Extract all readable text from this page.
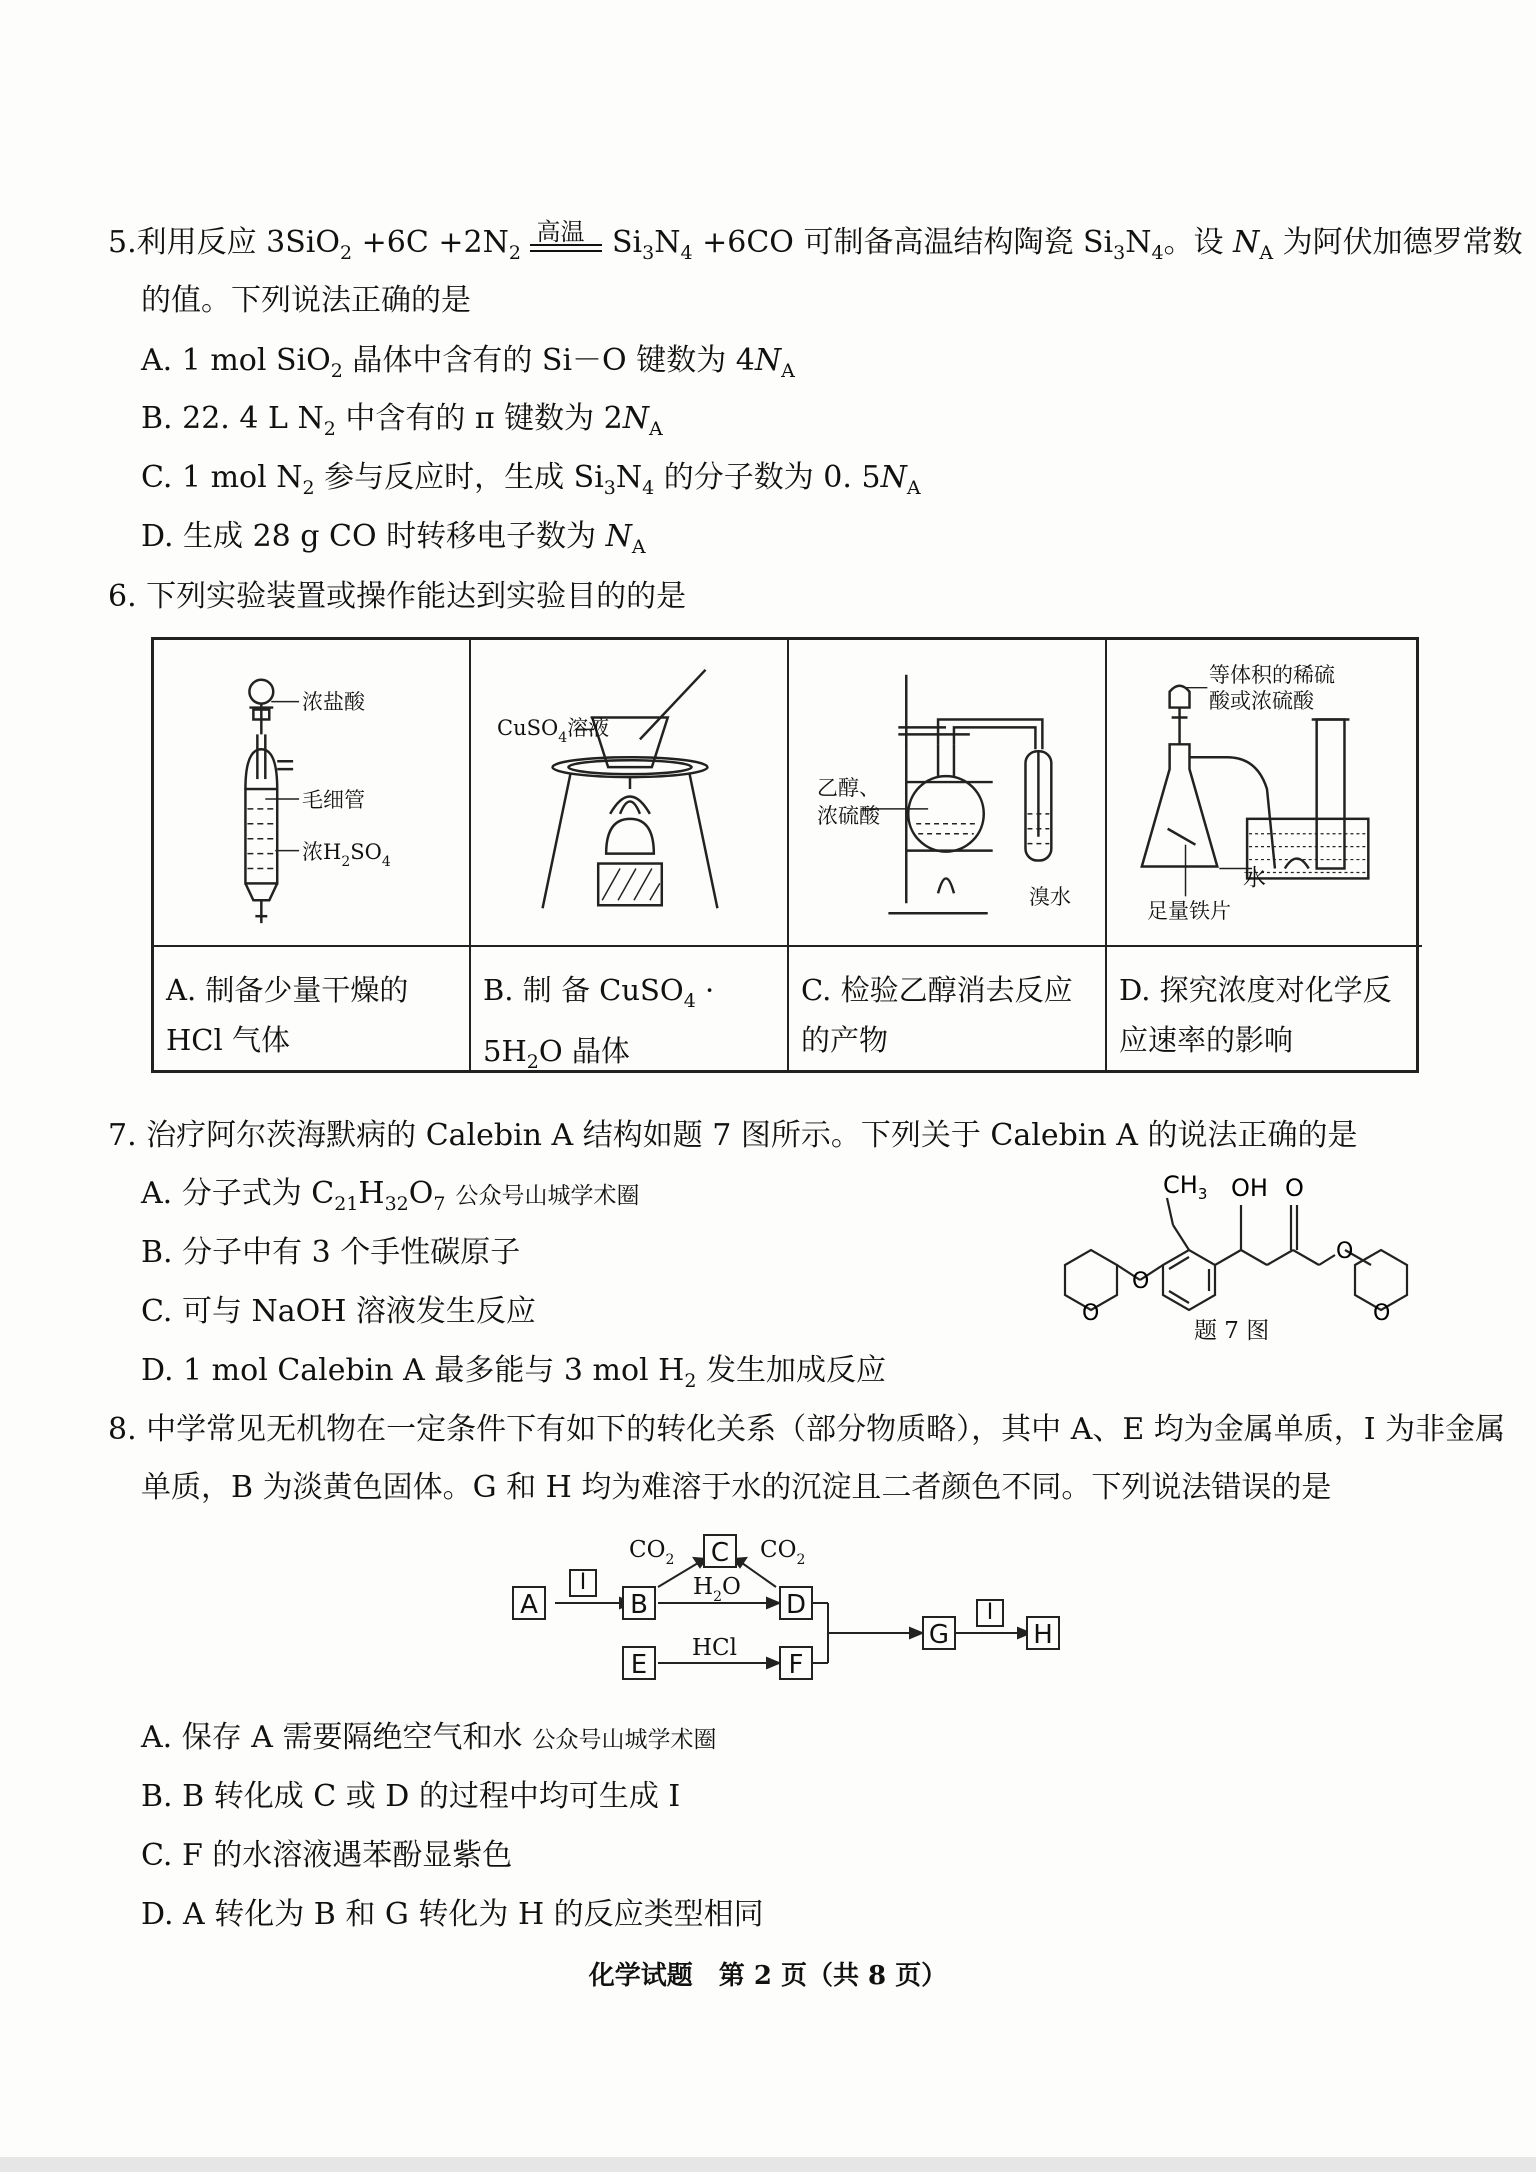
5.利用反应 $3SiO_2 +6C +2N_2$
高温 $Si_3N_4 +6CO$ 可制备高温结构陶瓷 $Si_3N_4$。设 $N_A$ 为阿伏加德罗常数
的值。下列说法正确的是
A. 1 mol SiO$_2$ 晶体中含有的 Si－O 键数为 $4N_A$
B. 22. 4 L $N_2$ 中含有的 π 键数为 $2N_A$
C. 1 mol $N_2$ 参与反应时，生成 $Si_3N_4$ 的分子数为 0. $5N_A$
D. 生成 28 g CO 时转移电子数为 $N_A$
6. 下列实验装置或操作能达到实验目的的是
浓盐酸
毛细管
浓$H_2SO_4$
CuSO$_4$溶液
乙醇、
浓硫酸
溴水
等体积的稀硫
酸或浓硫酸
水
足量铁片
A. 制备少量干燥的 HCl 气体
B. 制 备 CuSO$_4$ · $5H_2O$ 晶体
C. 检验乙醇消去反应的产物
D. 探究浓度对化学反应速率的影响
7. 治疗阿尔茨海默病的 Calebin A 结构如题 7 图所示。下列关于 Calebin A 的说法正确的是
A. 分子式为 $C_{21}H_{32}O_7$ 公众号山城学术圈
B. 分子中有 3 个手性碳原子
C. 可与 NaOH 溶液发生反应
D. 1 mol Calebin A 最多能与 3 mol $H_2$ 发生加成反应
$CH_3$ OH O
O
O
O	O
题 7 图
8. 中学常见无机物在一定条件下有如下的转化关系（部分物质略），其中 A、E 均为金属单质，I 为非金属
单质，B 为淡黄色固体。G 和 H 均为难溶于水的沉淀且二者颜色不同。下列说法错误的是
A
I
B
C
D
E	F
G
I
H
$CO_2$	$CO_2$
$H_2O$
HCl
A. 保存 A 需要隔绝空气和水 公众号山城学术圈
B. B 转化成 C 或 D 的过程中均可生成 I
C. F 的水溶液遇苯酚显紫色
D. A 转化为 B 和 G 转化为 H 的反应类型相同
化学试题　第 2 页（共 8 页）
